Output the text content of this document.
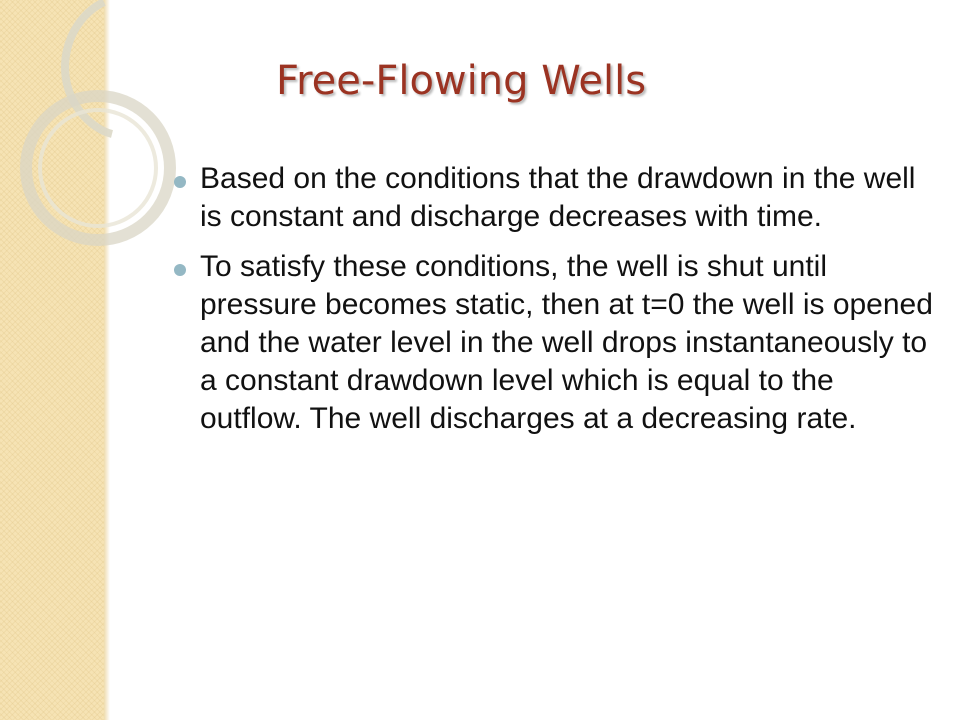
Free-Flowing Wells
Based on the conditions that the drawdown in the well is constant and discharge decreases with time.
To satisfy these conditions, the well is shut until pressure becomes static, then at t=0 the well is opened and the water level in the well drops instantaneously to a constant drawdown level which is equal to the outflow. The well discharges at a decreasing rate.
